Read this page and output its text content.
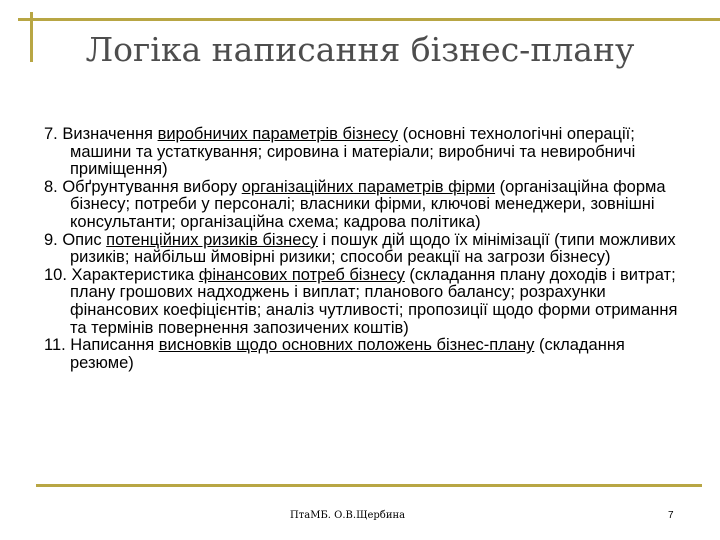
Логіка написання бізнес-плану
7. Визначення виробничих параметрів бізнесу (основні технологічні операції; машини та устаткування; сировина і матеріали; виробничі та невиробничі приміщення)
8. Обґрунтування вибору організаційних параметрів фірми (організаційна форма бізнесу; потреби у персоналі; власники фірми, ключові менеджери, зовнішні консультанти; організаційна схема; кадрова політика)
9. Опис потенційних ризиків бізнесу і пошук дій щодо їх мінімізації (типи можливих ризиків; найбільш ймовірні ризики; способи реакції на загрози бізнесу)
10. Характеристика фінансових потреб бізнесу (складання плану доходів і витрат; плану грошових надходжень і виплат; планового балансу; розрахунки фінансових коефіцієнтів; аналіз чутливості; пропозиції щодо форми отримання та термінів повернення запозичених коштів)
11. Написання висновків щодо основних положень бізнес-плану (складання резюме)
ПтаМБ. О.В.Щербина	7
